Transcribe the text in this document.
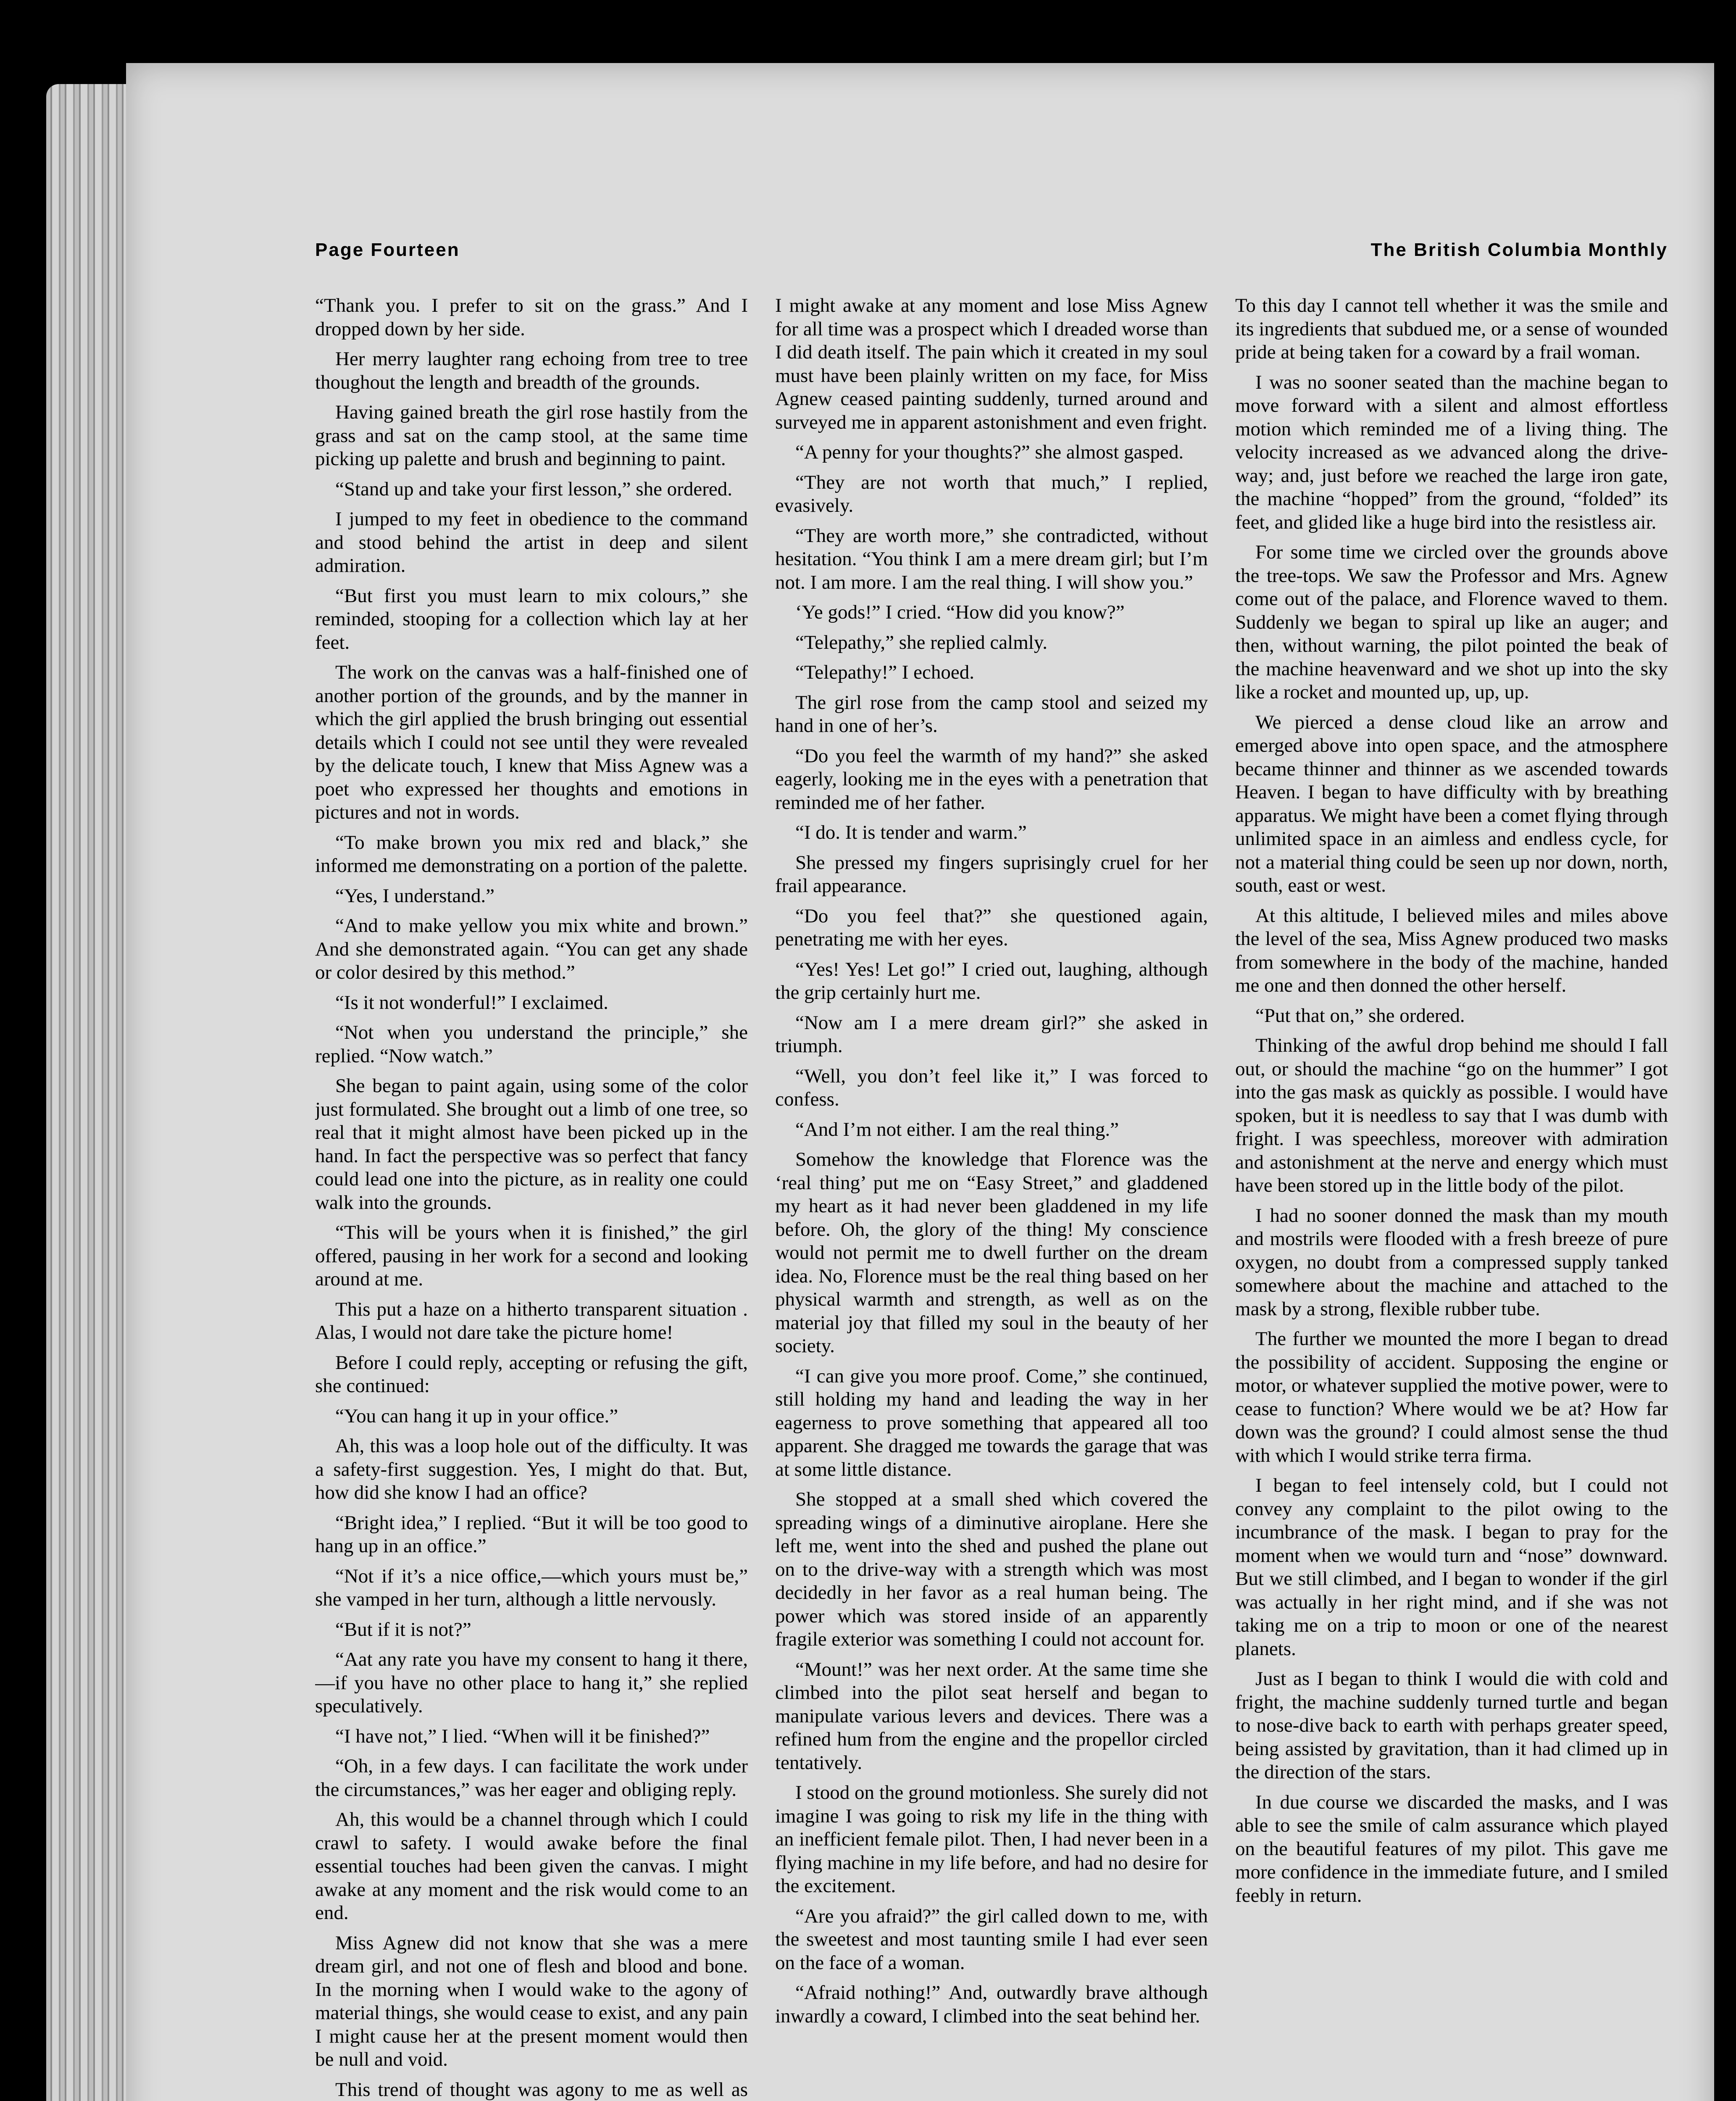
Page Fourteen	The British Columbia Monthly

“Thank you. I prefer to sit on the grass.” And I dropped down by her side.

Her merry laughter rang echoing from tree to tree thoughout the length and breadth of the grounds.

Having gained breath the girl rose hastily from the grass and sat on the camp stool, at the same time picking up palette and brush and beginning to paint.

“Stand up and take your first lesson,” she ordered.

I jumped to my feet in obedience to the command and stood behind the artist in deep and silent admiration.

“But first you must learn to mix colours,” she reminded, stooping for a collection which lay at her feet.

The work on the canvas was a half-finished one of another portion of the grounds, and by the manner in which the girl applied the brush bringing out essential details which I could not see until they were revealed by the delicate touch, I knew that Miss Agnew was a poet who expressed her thoughts and emotions in pictures and not in words.

“To make brown you mix red and black,” she informed me demonstrating on a portion of the palette.

“Yes, I understand.”

“And to make yellow you mix white and brown.” And she demonstrated again. “You can get any shade or color desired by this method.”

“Is it not wonderful!” I exclaimed.

“Not when you understand the principle,” she replied. “Now watch.”

She began to paint again, using some of the color just formulated. She brought out a limb of one tree, so real that it might almost have been picked up in the hand. In fact the perspective was so perfect that fancy could lead one into the picture, as in reality one could walk into the grounds.

“This will be yours when it is finished,” the girl offered, pausing in her work for a second and looking around at me.

This put a haze on a hitherto transparent situation . Alas, I would not dare take the picture home!

Before I could reply, accepting or refusing the gift, she continued:

“You can hang it up in your office.”

Ah, this was a loop hole out of the difficulty. It was a safety-first suggestion. Yes, I might do that. But, how did she know I had an office?

“Bright idea,” I replied. “But it will be too good to hang up in an office.”

“Not if it’s a nice office,—which yours must be,” she vamped in her turn, although a little nervously.

“But if it is not?”

“Aat any rate you have my consent to hang it there,—if you have no other place to hang it,” she replied speculatively.

“I have not,” I lied. “When will it be finished?”

“Oh, in a few days. I can facilitate the work under the circumstances,” was her eager and obliging reply.

Ah, this would be a channel through which I could crawl to safety. I would awake before the final essential touches had been given the canvas. I might awake at any moment and the risk would come to an end.

Miss Agnew did not know that she was a mere dream girl, and not one of flesh and blood and bone. In the morning when I would wake to the agony of material things, she would cease to exist, and any pain I might cause her at the present moment would then be null and void.

This trend of thought was agony to me as well as

I might awake at any moment and lose Miss Agnew for all time was a prospect which I dreaded worse than I did death itself. The pain which it created in my soul must have been plainly written on my face, for Miss Agnew ceased painting suddenly, turned around and surveyed me in apparent astonishment and even fright.

“A penny for your thoughts?” she almost gasped.

“They are not worth that much,” I replied, evasively.

“They are worth more,” she contradicted, without hesitation. “You think I am a mere dream girl; but I’m not. I am more. I am the real thing. I will show you.”

‘Ye gods!” I cried. “How did you know?”

“Telepathy,” she replied calmly.

“Telepathy!” I echoed.

The girl rose from the camp stool and seized my hand in one of her’s.

“Do you feel the warmth of my hand?” she asked eagerly, looking me in the eyes with a penetration that reminded me of her father.

“I do. It is tender and warm.”

She pressed my fingers suprisingly cruel for her frail appearance.

“Do you feel that?” she questioned again, penetrating me with her eyes.

“Yes! Yes! Let go!” I cried out, laughing, although the grip certainly hurt me.

“Now am I a mere dream girl?” she asked in triumph.

“Well, you don’t feel like it,” I was forced to confess.

“And I’m not either. I am the real thing.”

Somehow the knowledge that Florence was the ‘real thing’ put me on “Easy Street,” and gladdened my heart as it had never been gladdened in my life before. Oh, the glory of the thing! My conscience would not permit me to dwell further on the dream idea. No, Florence must be the real thing based on her physical warmth and strength, as well as on the material joy that filled my soul in the beauty of her society.

“I can give you more proof. Come,” she continued, still holding my hand and leading the way in her eagerness to prove something that appeared all too apparent. She dragged me towards the garage that was at some little distance.

She stopped at a small shed which covered the spreading wings of a diminutive airoplane. Here she left me, went into the shed and pushed the plane out on to the drive-way with a strength which was most decidedly in her favor as a real human being. The power which was stored inside of an apparently fragile exterior was something I could not account for.

“Mount!” was her next order. At the same time she climbed into the pilot seat herself and began to manipulate various levers and devices. There was a refined hum from the engine and the propellor circled tentatively.

I stood on the ground motionless. She surely did not imagine I was going to risk my life in the thing with an inefficient female pilot. Then, I had never been in a flying machine in my life before, and had no desire for the excitement.

“Are you afraid?” the girl called down to me, with the sweetest and most taunting smile I had ever seen on the face of a woman.

“Afraid nothing!” And, outwardly brave although inwardly a coward, I climbed into the seat behind her.

To this day I cannot tell whether it was the smile and its ingredients that subdued me, or a sense of wounded pride at being taken for a coward by a frail woman.

I was no sooner seated than the machine began to move forward with a silent and almost effortless motion which reminded me of a living thing. The velocity increased as we advanced along the drive-way; and, just before we reached the large iron gate, the machine “hopped” from the ground, “folded” its feet, and glided like a huge bird into the resistless air.

For some time we circled over the grounds above the tree-tops. We saw the Professor and Mrs. Agnew come out of the palace, and Florence waved to them. Suddenly we began to spiral up like an auger; and then, without warning, the pilot pointed the beak of the machine heavenward and we shot up into the sky like a rocket and mounted up, up, up.

We pierced a dense cloud like an arrow and emerged above into open space, and the atmosphere became thinner and thinner as we ascended towards Heaven. I began to have difficulty with by breathing apparatus. We might have been a comet flying through unlimited space in an aimless and endless cycle, for not a material thing could be seen up nor down, north, south, east or west.

At this altitude, I believed miles and miles above the level of the sea, Miss Agnew produced two masks from somewhere in the body of the machine, handed me one and then donned the other herself.

“Put that on,” she ordered.

Thinking of the awful drop behind me should I fall out, or should the machine “go on the hummer” I got into the gas mask as quickly as possible. I would have spoken, but it is needless to say that I was dumb with fright. I was speechless, moreover with admiration and astonishment at the nerve and energy which must have been stored up in the little body of the pilot.

I had no sooner donned the mask than my mouth and mostrils were flooded with a fresh breeze of pure oxygen, no doubt from a compressed supply tanked somewhere about the machine and attached to the mask by a strong, flexible rubber tube.

The further we mounted the more I began to dread the possibility of accident. Supposing the engine or motor, or whatever supplied the motive power, were to cease to function? Where would we be at? How far down was the ground? I could almost sense the thud with which I would strike terra firma.

I began to feel intensely cold, but I could not convey any complaint to the pilot owing to the incumbrance of the mask. I began to pray for the moment when we would turn and “nose” downward. But we still climbed, and I began to wonder if the girl was actually in her right mind, and if she was not taking me on a trip to moon or one of the nearest planets.

Just as I began to think I would die with cold and fright, the machine suddenly turned turtle and began to nose-dive back to earth with perhaps greater speed, being assisted by gravitation, than it had climed up in the direction of the stars.

In due course we discarded the masks, and I was able to see the smile of calm assurance which played on the beautiful features of my pilot. This gave me more confidence in the immediate future, and I smiled feebly in return.
